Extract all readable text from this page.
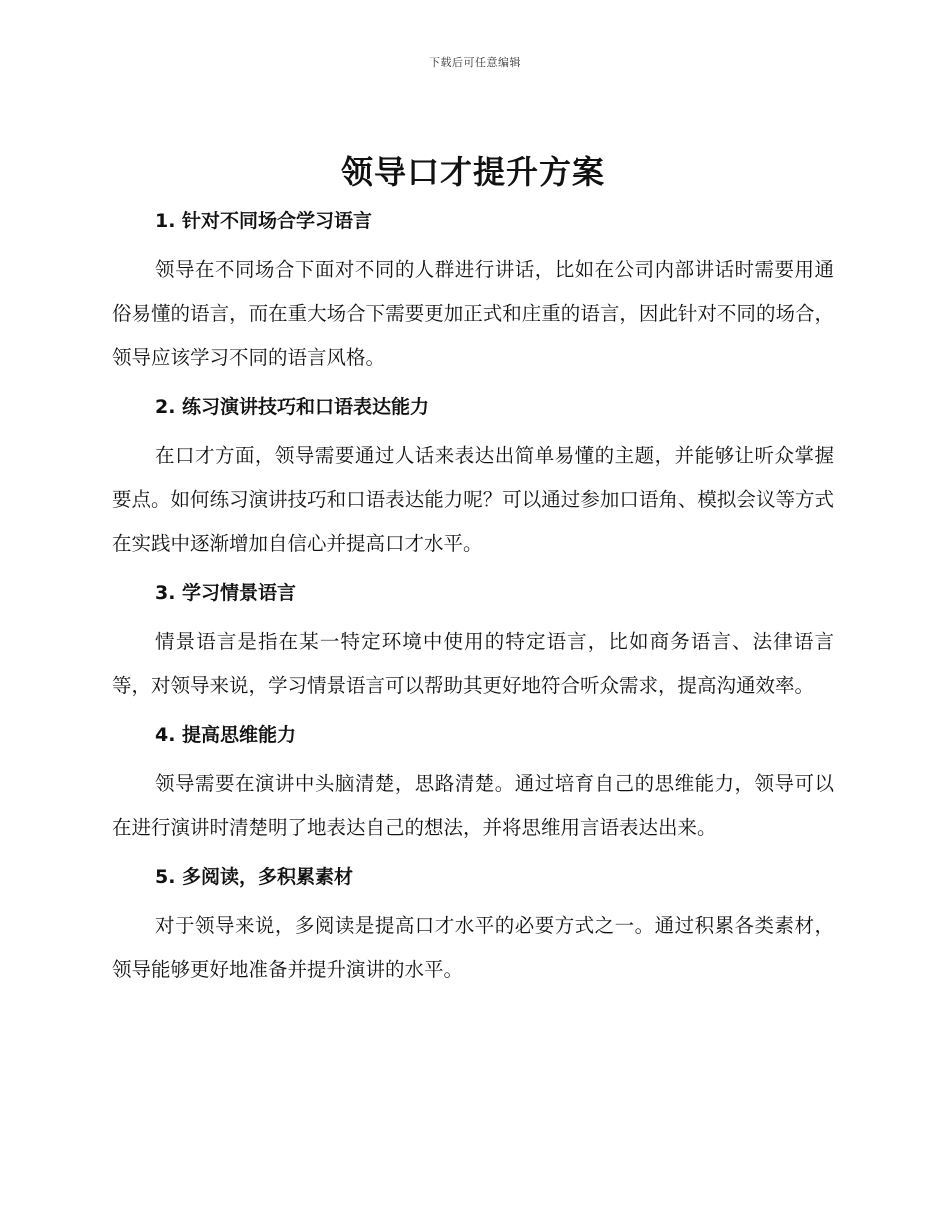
下载后可任意编辑
领导口才提升方案
1. 针对不同场合学习语言

领导在不同场合下面对不同的人群进行讲话，比如在公司内部讲话时需要用通俗易懂的语言，而在重大场合下需要更加正式和庄重的语言，因此针对不同的场合，领导应该学习不同的语言风格。

2. 练习演讲技巧和口语表达能力

在口才方面，领导需要通过人话来表达出简单易懂的主题，并能够让听众掌握要点。如何练习演讲技巧和口语表达能力呢？可以通过参加口语角、模拟会议等方式在实践中逐渐增加自信心并提高口才水平。

3. 学习情景语言

情景语言是指在某一特定环境中使用的特定语言，比如商务语言、法律语言等，对领导来说，学习情景语言可以帮助其更好地符合听众需求，提高沟通效率。

4. 提高思维能力

领导需要在演讲中头脑清楚，思路清楚。通过培育自己的思维能力，领导可以在进行演讲时清楚明了地表达自己的想法，并将思维用言语表达出来。

5. 多阅读，多积累素材

对于领导来说，多阅读是提高口才水平的必要方式之一。通过积累各类素材，领导能够更好地准备并提升演讲的水平。
